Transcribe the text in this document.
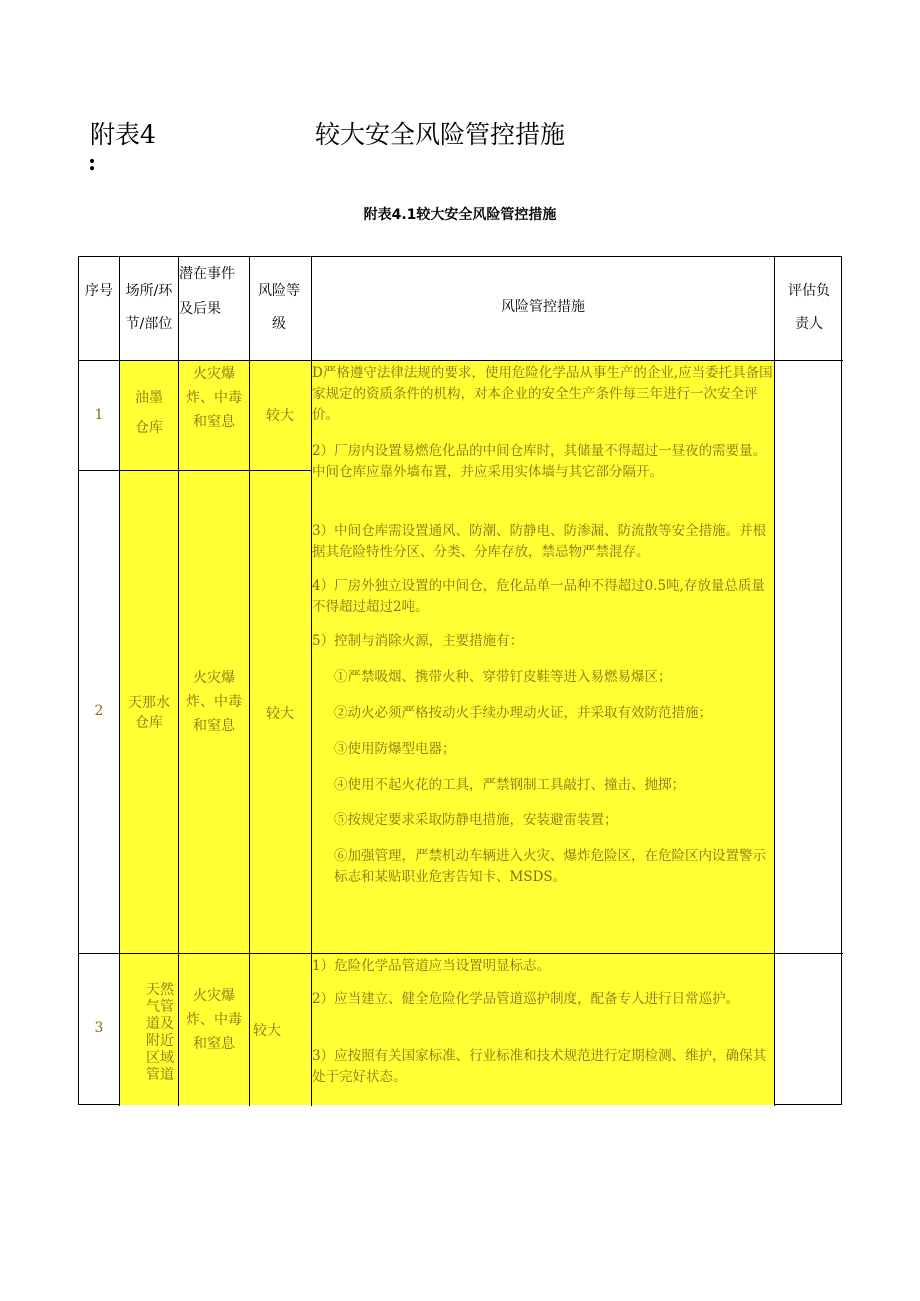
附表4
:
较大安全风险管控措施
附表4.1较大安全风险管控措施
序号 场所/环节/部位
潜在事件及后果
风险等级
风险管控措施
评估负责人
1
油墨仓库
火灾爆炸、中毒和窒息	较大
2	天那水仓库
火灾爆炸、中毒和窒息
较大
3
天然气管道及附近区域管道
火灾爆炸、中毒和窒息
较大
D严格遵守法律法规的要求，使用危险化学品从事生产的企业,应当委托具备国家规定的资质条件的机构，对本企业的安全生产条件每三年进行一次安全评价。
2）厂房内设置易燃危化品的中间仓库时，其储量不得超过一昼夜的需要量。中间仓库应靠外墙布置，并应采用实体墙与其它部分隔开。
3）中间仓库需设置通风、防潮、防静电、防渗漏、防流散等安全措施。并根据其危险特性分区、分类、分库存放，禁忌物严禁混存。
4）厂房外独立设置的中间仓，危化品单一品种不得超过0.5吨,存放量总质量不得超过超过2吨。
5）控制与消除火源，主要措施有：
①严禁吸烟、携带火种、穿带钉皮鞋等进入易燃易爆区；
②动火必须严格按动火手续办理动火证，并采取有效防范措施；
③使用防爆型电器；
④使用不起火花的工具，严禁钢制工具敲打、撞击、抛掷；
⑤按规定要求采取防静电措施，安装避雷装置；
⑥加强管理，严禁机动车辆进入火灾、爆炸危险区，在危险区内设置警示标志和某贴职业危害告知卡、MSDS。
1）危险化学品管道应当设置明显标志。
2）应当建立、健全危险化学品管道巡护制度，配备专人进行日常巡护。
3）应按照有关国家标准、行业标准和技术规范进行定期检测、维护，确保其处于完好状态。
